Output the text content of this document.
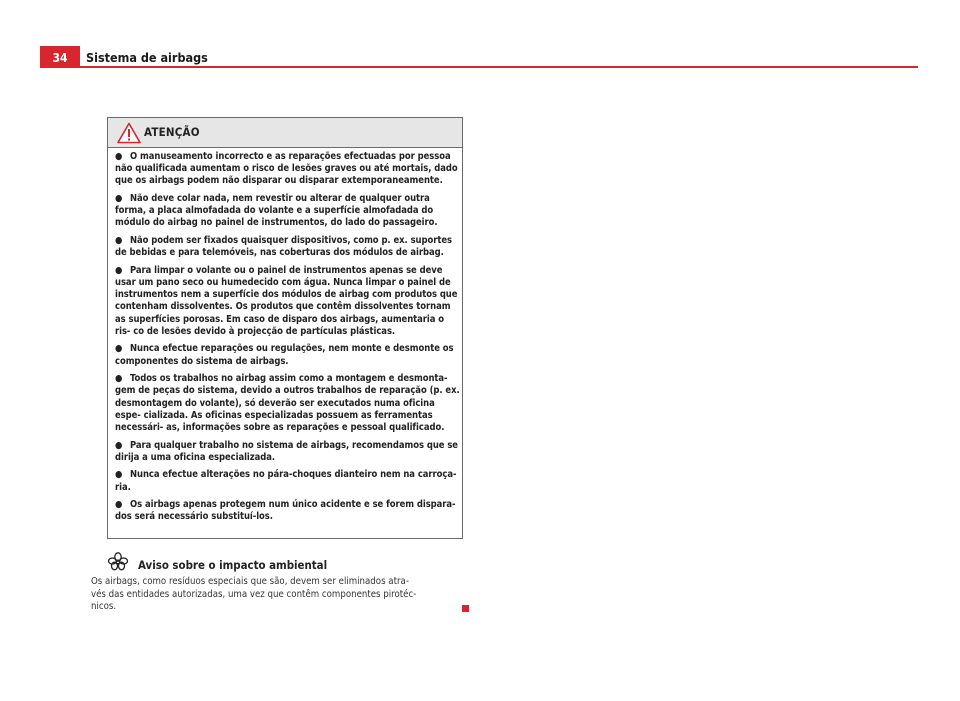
34	Sistema de airbags
ATENÇÃO

● O manuseamento incorrecto e as reparações efectuadas por pessoa não qualificada aumentam o risco de lesões graves ou até mortais, dado que os airbags podem não disparar ou disparar extemporaneamente.

● Não deve colar nada, nem revestir ou alterar de qualquer outra forma, a placa almofadada do volante e a superfície almofadada do módulo do airbag no painel de instrumentos, do lado do passageiro.

● Não podem ser fixados quaisquer dispositivos, como p. ex. suportes de bebidas e para telemóveis, nas coberturas dos módulos de airbag.

● Para limpar o volante ou o painel de instrumentos apenas se deve usar um pano seco ou humedecido com água. Nunca limpar o painel de instrumentos nem a superfície dos módulos de airbag com produtos que contenham dissolventes. Os produtos que contêm dissolventes tornam as superfícies porosas. Em caso de disparo dos airbags, aumentaria o ris- co de lesões devido à projecção de partículas plásticas.

● Nunca efectue reparações ou regulações, nem monte e desmonte os componentes do sistema de airbags.

● Todos os trabalhos no airbag assim como a montagem e desmonta- gem de peças do sistema, devido a outros trabalhos de reparação (p. ex. desmontagem do volante), só deverão ser executados numa oficina espe- cializada. As oficinas especializadas possuem as ferramentas necessári- as, informações sobre as reparações e pessoal qualificado.

● Para qualquer trabalho no sistema de airbags, recomendamos que se dirija a uma oficina especializada.

● Nunca efectue alterações no pára-choques dianteiro nem na carroça- ria.

● Os airbags apenas protegem num único acidente e se forem dispara- dos será necessário substituí-los.

Aviso sobre o impacto ambiental
Os airbags, como resíduos especiais que são, devem ser eliminados atra-
vés das entidades autorizadas, uma vez que contêm componentes pirotéc-
nicos.
